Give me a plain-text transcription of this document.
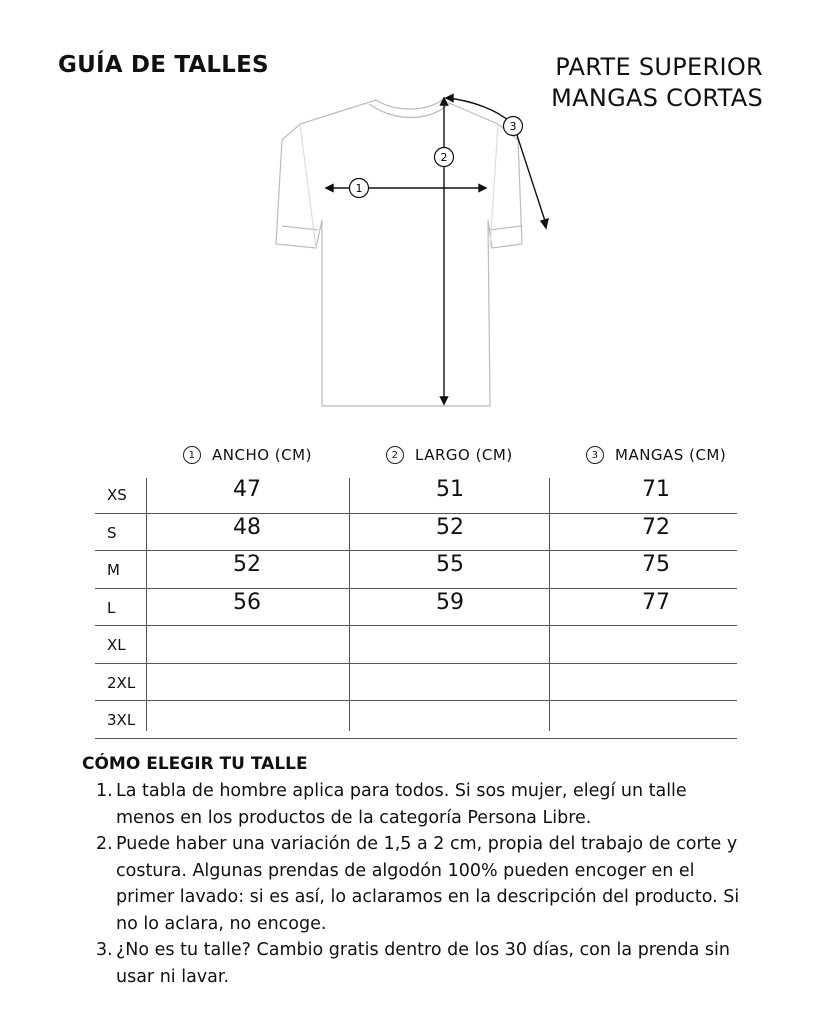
GUÍA DE TALLES	PARTE SUPERIOR
MANGAS CORTAS
1
2
3
1	ANCHO (CM)	2	LARGO (CM)	3	MANGAS (CM)
XS	47	51	71
S	48	52	72
M	52	55	75
L	56	59	77
XL
2XL
3XL
CÓMO ELEGIR TU TALLE
1. La tabla de hombre aplica para todos. Si sos mujer, elegí un talle menos en los productos de la categoría Persona Libre.
2. Puede haber una variación de 1,5 a 2 cm, propia del trabajo de corte y costura. Algunas prendas de algodón 100% pueden encoger en el primer lavado: si es así, lo aclaramos en la descripción del producto. Si no lo aclara, no encoge.
3. ¿No es tu talle? Cambio gratis dentro de los 30 días, con la prenda sin usar ni lavar.
